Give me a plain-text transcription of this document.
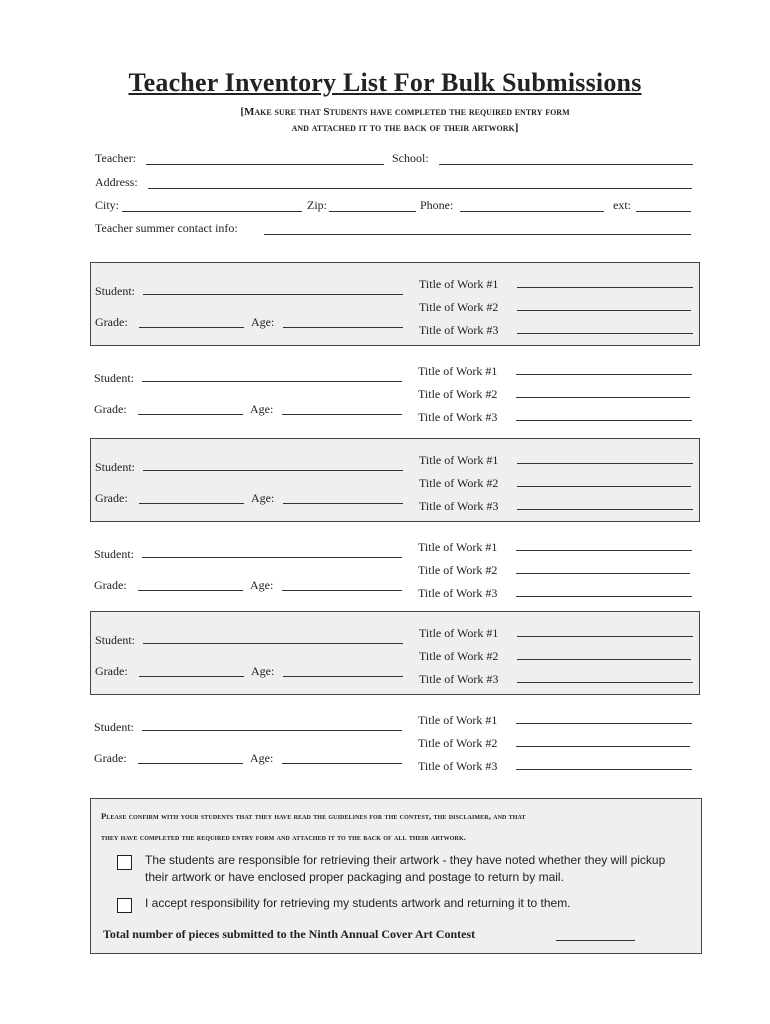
Teacher Inventory List For Bulk Submissions
[Make sure that Students have completed the required entry form
and attached it to the back of their artwork]
Teacher:	School:
Address:
City:	Zip:	Phone:	ext:
Teacher summer contact info:
Student:
Grade:	Age:
Title of Work #1
Title of Work #2
Title of Work #3
Student:
Grade:	Age:
Title of Work #1
Title of Work #2
Title of Work #3
Student:
Grade:	Age:
Title of Work #1
Title of Work #2
Title of Work #3
Student:
Grade:	Age:
Title of Work #1
Title of Work #2
Title of Work #3
Student:
Grade:	Age:
Title of Work #1
Title of Work #2
Title of Work #3
Student:
Grade:	Age:
Title of Work #1
Title of Work #2
Title of Work #3
Please confirm with your students that they have read the guidelines for the contest, the disclaimer, and that
they have completed the required entry form and attached it to the back of all their artwork.
The students are responsible for retrieving their artwork - they have noted whether they will pickup their artwork or have enclosed proper packaging and postage to return by mail.
I accept responsibility for retrieving my students artwork and returning it to them.
Total number of pieces submitted to the Ninth Annual Cover Art Contest
